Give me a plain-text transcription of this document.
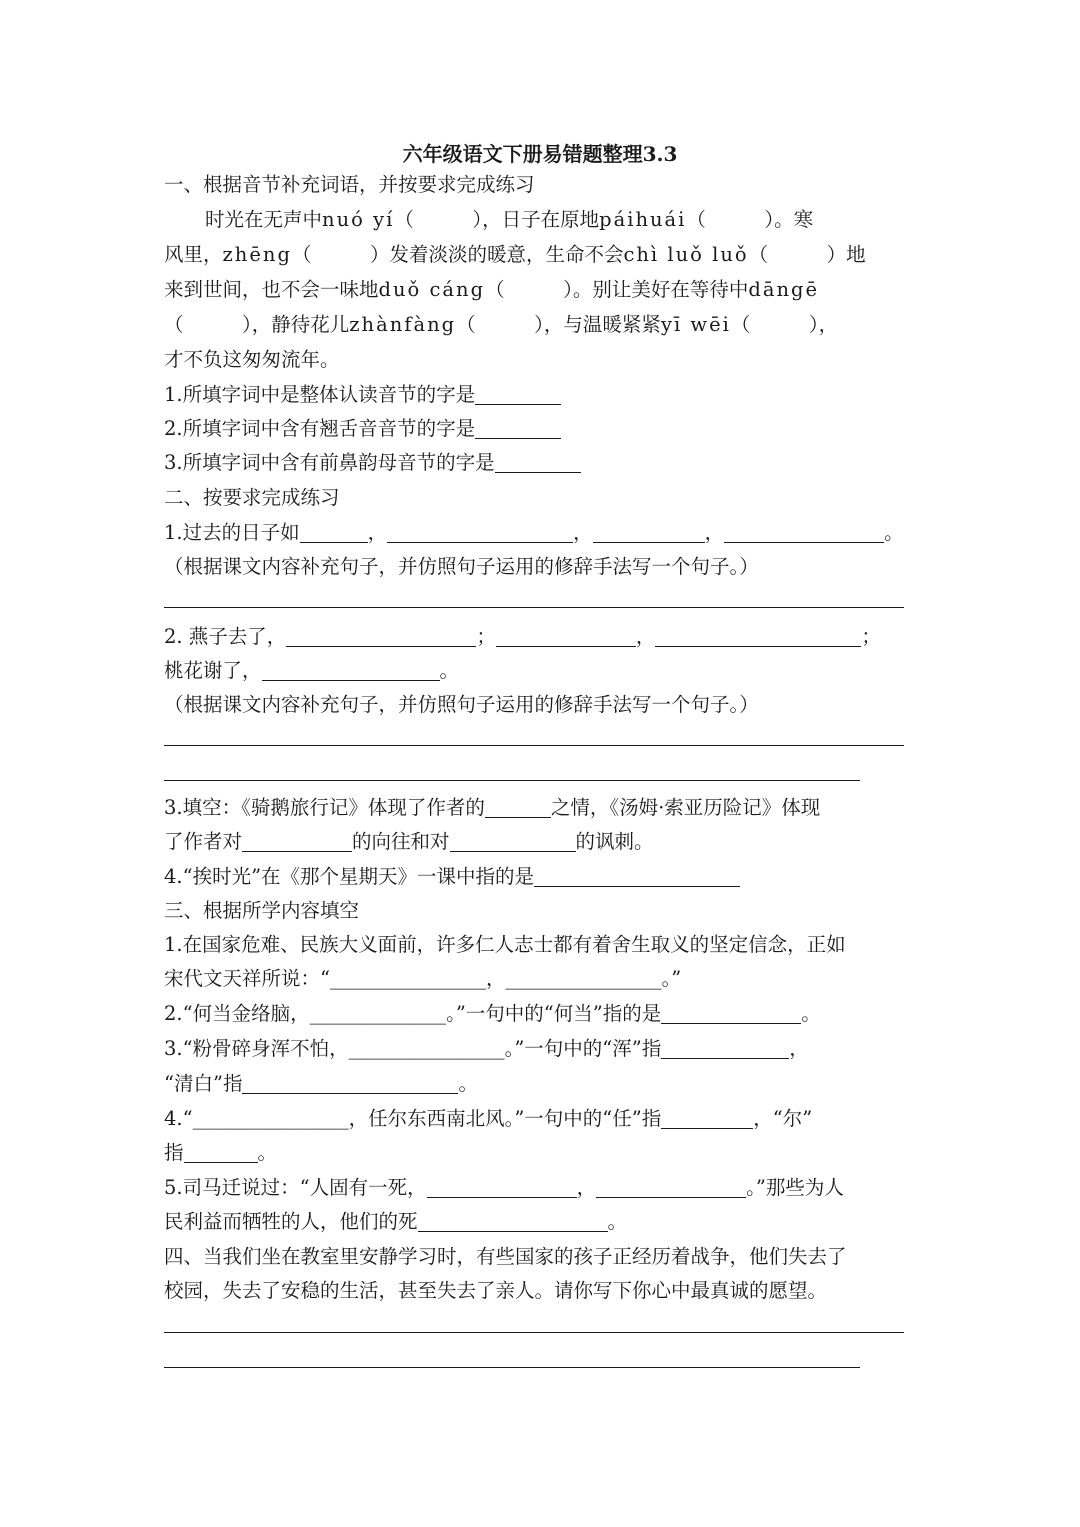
六年级语文下册易错题整理3.3
一、根据音节补充词语，并按要求完成练习
时光在无声中nuó yí（　　　），日子在原地páihuái（　　　）。寒
风里，zhēng（　　　）发着淡淡的暖意，生命不会chì luǒ luǒ（　　　）地
来到世间，也不会一味地duǒ cáng（　　　）。别让美好在等待中dāngē
（　　　），静待花儿zhànfàng（　　　），与温暖紧紧yī wēi（　　　），
才不负这匆匆流年。
1.所填字词中是整体认读音节的字是
2.所填字词中含有翘舌音音节的字是
3.所填字词中含有前鼻韵母音节的字是
二、按要求完成练习
1.过去的日子如	，	，	，	。
（根据课文内容补充句子，并仿照句子运用的修辞手法写一个句子。）
2. 燕子去了，	；	，	；
桃花谢了，	。
（根据课文内容补充句子，并仿照句子运用的修辞手法写一个句子。）
3.填空：《骑鹅旅行记》体现了作者的	之情，《汤姆·索亚历险记》体现
了作者对	的向往和对	的讽刺。
4.“挨时光”在《那个星期天》一课中指的是
三、根据所学内容填空
1.在国家危难、民族大义面前，许多仁人志士都有着舍生取义的坚定信念，正如
宋代文天祥所说：“________________，________________。”
2.“何当金络脑，______________。”一句中的“何当”指的是	。
3.“粉骨碎身浑不怕，________________。”一句中的“浑”指	，
“清白”指	。
4.“________________，任尔东西南北风。”一句中的“任”指	，“尔”
指	。
5.司马迁说过：“人固有一死，	，	。”那些为人
民利益而牺牲的人，他们的死	。
四、当我们坐在教室里安静学习时，有些国家的孩子正经历着战争，他们失去了
校园，失去了安稳的生活，甚至失去了亲人。请你写下你心中最真诚的愿望。
